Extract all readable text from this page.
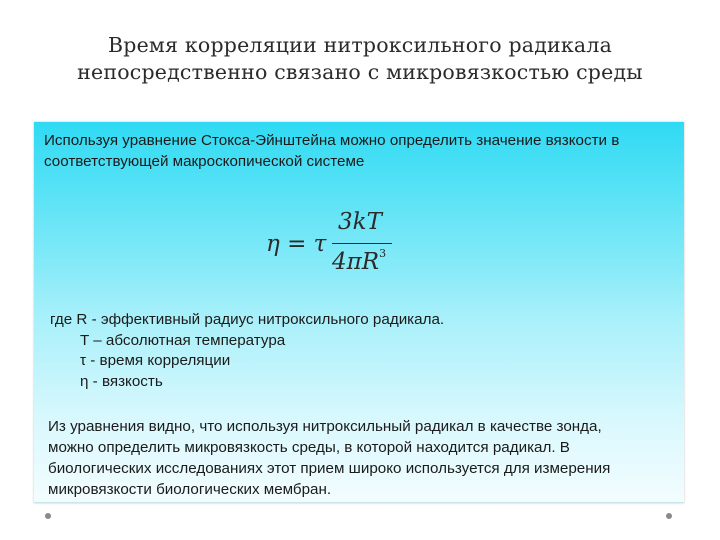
Время корреляции нитроксильного радикала
непосредственно связано с микровязкостью среды
Используя уравнение Стокса-Эйнштейна можно определить значение вязкости в
соответствующей макроскопической системе
η = τ
3kT
$4\pi R^3$
где R - эффективный радиус нитроксильного радикала.
T – абсолютная температура
τ - время корреляции
η - вязкость
Из уравнения видно, что используя нитроксильный радикал в качестве зонда,
можно определить микровязкость среды, в которой находится радикал. В
биологических исследованиях этот прием широко используется для измерения
микровязкости биологических мембран.
